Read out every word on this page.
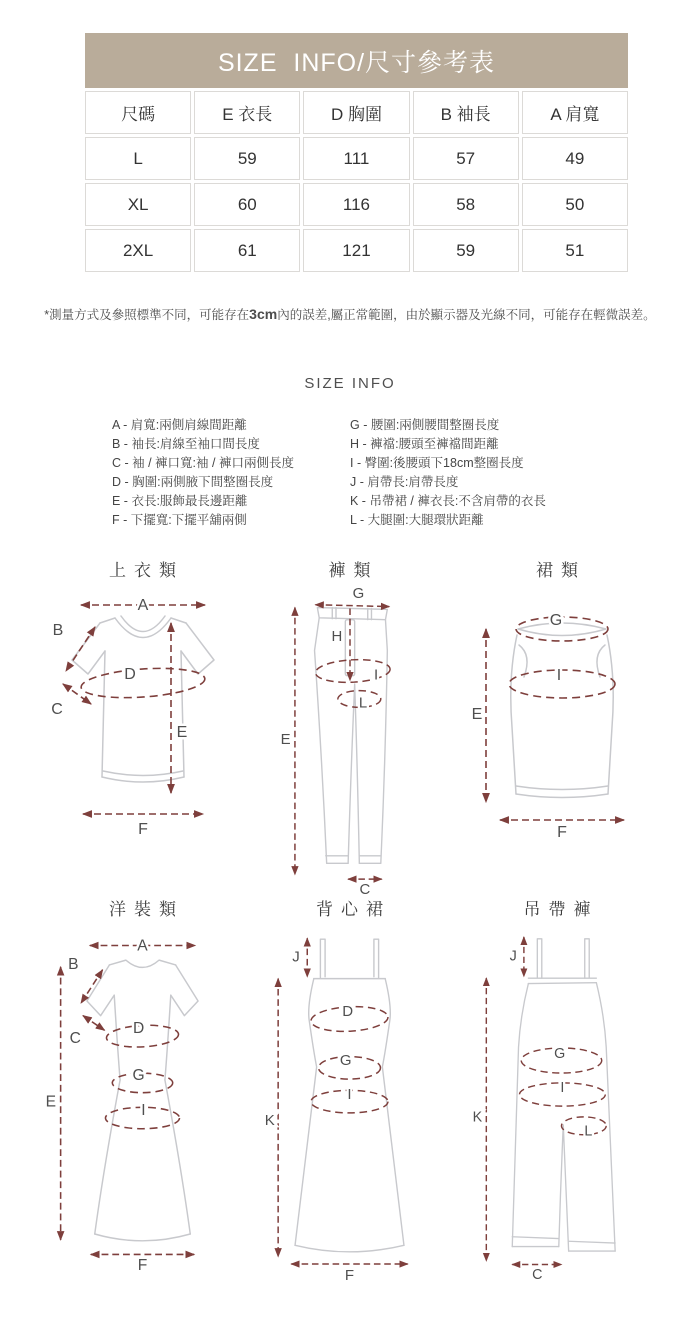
SIZE  INFO/尺寸參考表
尺碼	E 衣長	D 胸圍	B 袖長	A 肩寬
L	59	111	57	49
XL	60	116	58	50
2XL	61	121	59	51
*測量方式及參照標準不同，可能存在3cm內的誤差,屬正常範圍，由於顯示器及光線不同，可能存在輕微誤差。
SIZE INFO
A - 肩寬:兩側肩線間距離
B - 袖長:肩線至袖口間長度
C - 袖 / 褲口寬:袖 / 褲口兩側長度
D - 胸圍:兩側腋下間整圈長度
E - 衣長:服飾最長邊距離
F - 下擺寬:下擺平舖兩側
G - 腰圍:兩側腰間整圈長度
H - 褲襠:腰頭至褲襠間距離
I - 臀圍:後腰頭下18cm整圈長度
J - 肩帶長:肩帶長度
K - 吊帶裙 / 褲衣長:不含肩帶的衣長
L - 大腿圍:大腿環狀距離
上衣類
A
B
C
D
E
F
褲類
G
H
I
L
E
C
裙類
G
I
E
F
洋裝類
A
B
C
D
G
I
E
F
背心裙
J
D
G
I
K
F
吊帶褲
J
G
I
L
K
C
